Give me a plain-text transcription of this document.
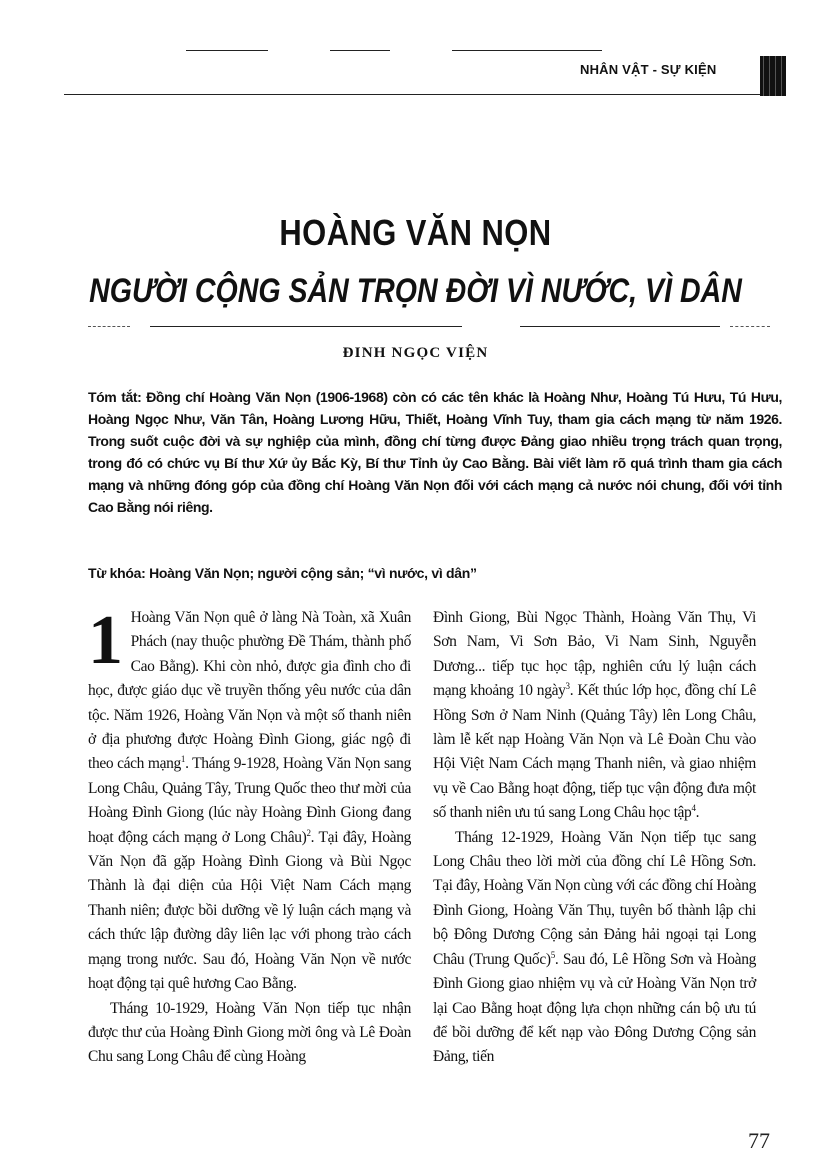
NHÂN VẬT - SỰ KIỆN
HOÀNG VĂN NỌN
NGƯỜI CỘNG SẢN TRỌN ĐỜI VÌ NƯỚC, VÌ DÂN
ĐINH NGỌC VIỆN
Tóm tắt: Đồng chí Hoàng Văn Nọn (1906-1968) còn có các tên khác là Hoàng Như, Hoàng Tú Hưu, Tú Hưu, Hoàng Ngọc Như, Văn Tân, Hoàng Lương Hữu, Thiết, Hoàng Vĩnh Tuy, tham gia cách mạng từ năm 1926. Trong suốt cuộc đời và sự nghiệp của mình, đồng chí từng được Đảng giao nhiều trọng trách quan trọng, trong đó có chức vụ Bí thư Xứ ủy Bắc Kỳ, Bí thư Tỉnh ủy Cao Bằng. Bài viết làm rõ quá trình tham gia cách mạng và những đóng góp của đồng chí Hoàng Văn Nọn đối với cách mạng cả nước nói chung, đối với tỉnh Cao Bằng nói riêng.
Từ khóa: Hoàng Văn Nọn; người cộng sản; “vì nước, vì dân”

1 Hoàng Văn Nọn quê ở làng Nà Toàn, xã Xuân Phách (nay thuộc phường Đề Thám, thành phố Cao Bằng). Khi còn nhỏ, được gia đình cho đi học, được giáo dục về truyền thống yêu nước của dân tộc. Năm 1926, Hoàng Văn Nọn và một số thanh niên ở địa phương được Hoàng Đình Giong, giác ngộ đi theo cách mạng$^1$. Tháng 9-1928, Hoàng Văn Nọn sang Long Châu, Quảng Tây, Trung Quốc theo thư mời của Hoàng Đình Giong (lúc này Hoàng Đình Giong đang hoạt động cách mạng ở Long Châu)$^2$. Tại đây, Hoàng Văn Nọn đã gặp Hoàng Đình Giong và Bùi Ngọc Thành là đại diện của Hội Việt Nam Cách mạng Thanh niên; được bồi dưỡng về lý luận cách mạng và cách thức lập đường dây liên lạc với phong trào cách mạng trong nước. Sau đó, Hoàng Văn Nọn về nước hoạt động tại quê hương Cao Bằng.

Tháng 10-1929, Hoàng Văn Nọn tiếp tục nhận được thư của Hoàng Đình Giong mời ông và Lê Đoàn Chu sang Long Châu để cùng Hoàng

Đình Giong, Bùi Ngọc Thành, Hoàng Văn Thụ, Vi Sơn Nam, Vi Sơn Bảo, Vi Nam Sinh, Nguyễn Dương... tiếp tục học tập, nghiên cứu lý luận cách mạng khoảng 10 ngày$^3$. Kết thúc lớp học, đồng chí Lê Hồng Sơn ở Nam Ninh (Quảng Tây) lên Long Châu, làm lễ kết nạp Hoàng Văn Nọn và Lê Đoàn Chu vào Hội Việt Nam Cách mạng Thanh niên, và giao nhiệm vụ về Cao Bằng hoạt động, tiếp tục vận động đưa một số thanh niên ưu tú sang Long Châu học tập$^4$.

Tháng 12-1929, Hoàng Văn Nọn tiếp tục sang Long Châu theo lời mời của đồng chí Lê Hồng Sơn. Tại đây, Hoàng Văn Nọn cùng với các đồng chí Hoàng Đình Giong, Hoàng Văn Thụ, tuyên bố thành lập chi bộ Đông Dương Cộng sản Đảng hải ngoại tại Long Châu (Trung Quốc)$^5$. Sau đó, Lê Hồng Sơn và Hoàng Đình Giong giao nhiệm vụ và cử Hoàng Văn Nọn trở lại Cao Bằng hoạt động lựa chọn những cán bộ ưu tú để bồi dưỡng để kết nạp vào Đông Dương Cộng sản Đảng, tiến

77
